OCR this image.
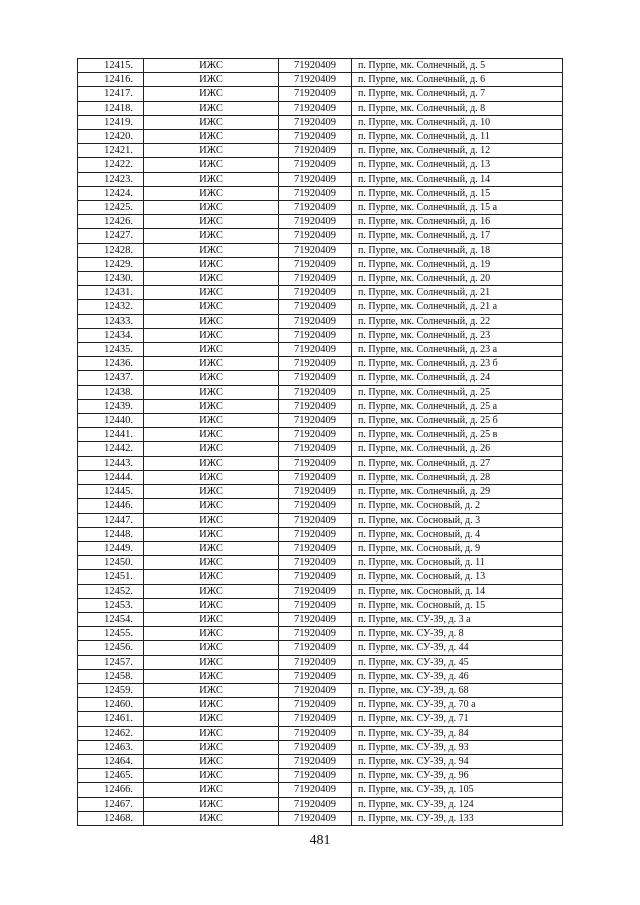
12415.	ИЖС	71920409	п. Пурпе, мк. Солнечный, д. 5
12416.	ИЖС	71920409	п. Пурпе, мк. Солнечный, д. 6
12417.	ИЖС	71920409	п. Пурпе, мк. Солнечный, д. 7
12418.	ИЖС	71920409	п. Пурпе, мк. Солнечный, д. 8
12419.	ИЖС	71920409	п. Пурпе, мк. Солнечный, д. 10
12420.	ИЖС	71920409	п. Пурпе, мк. Солнечный, д. 11
12421.	ИЖС	71920409	п. Пурпе, мк. Солнечный, д. 12
12422.	ИЖС	71920409	п. Пурпе, мк. Солнечный, д. 13
12423.	ИЖС	71920409	п. Пурпе, мк. Солнечный, д. 14
12424.	ИЖС	71920409	п. Пурпе, мк. Солнечный, д. 15
12425.	ИЖС	71920409	п. Пурпе, мк. Солнечный, д. 15 а
12426.	ИЖС	71920409	п. Пурпе, мк. Солнечный, д. 16
12427.	ИЖС	71920409	п. Пурпе, мк. Солнечный, д. 17
12428.	ИЖС	71920409	п. Пурпе, мк. Солнечный, д. 18
12429.	ИЖС	71920409	п. Пурпе, мк. Солнечный, д. 19
12430.	ИЖС	71920409	п. Пурпе, мк. Солнечный, д. 20
12431.	ИЖС	71920409	п. Пурпе, мк. Солнечный, д. 21
12432.	ИЖС	71920409	п. Пурпе, мк. Солнечный, д. 21 а
12433.	ИЖС	71920409	п. Пурпе, мк. Солнечный, д. 22
12434.	ИЖС	71920409	п. Пурпе, мк. Солнечный, д. 23
12435.	ИЖС	71920409	п. Пурпе, мк. Солнечный, д. 23 а
12436.	ИЖС	71920409	п. Пурпе, мк. Солнечный, д. 23 б
12437.	ИЖС	71920409	п. Пурпе, мк. Солнечный, д. 24
12438.	ИЖС	71920409	п. Пурпе, мк. Солнечный, д. 25
12439.	ИЖС	71920409	п. Пурпе, мк. Солнечный, д. 25 а
12440.	ИЖС	71920409	п. Пурпе, мк. Солнечный, д. 25 б
12441.	ИЖС	71920409	п. Пурпе, мк. Солнечный, д. 25 в
12442.	ИЖС	71920409	п. Пурпе, мк. Солнечный, д. 26
12443.	ИЖС	71920409	п. Пурпе, мк. Солнечный, д. 27
12444.	ИЖС	71920409	п. Пурпе, мк. Солнечный, д. 28
12445.	ИЖС	71920409	п. Пурпе, мк. Солнечный, д. 29
12446.	ИЖС	71920409	п. Пурпе, мк. Сосновый, д. 2
12447.	ИЖС	71920409	п. Пурпе, мк. Сосновый, д. 3
12448.	ИЖС	71920409	п. Пурпе, мк. Сосновый, д. 4
12449.	ИЖС	71920409	п. Пурпе, мк. Сосновый, д. 9
12450.	ИЖС	71920409	п. Пурпе, мк. Сосновый, д. 11
12451.	ИЖС	71920409	п. Пурпе, мк. Сосновый, д. 13
12452.	ИЖС	71920409	п. Пурпе, мк. Сосновый, д. 14
12453.	ИЖС	71920409	п. Пурпе, мк. Сосновый, д. 15
12454.	ИЖС	71920409	п. Пурпе, мк. СУ-39, д. 3 а
12455.	ИЖС	71920409	п. Пурпе, мк. СУ-39, д. 8
12456.	ИЖС	71920409	п. Пурпе, мк. СУ-39, д. 44
12457.	ИЖС	71920409	п. Пурпе, мк. СУ-39, д. 45
12458.	ИЖС	71920409	п. Пурпе, мк. СУ-39, д. 46
12459.	ИЖС	71920409	п. Пурпе, мк. СУ-39, д. 68
12460.	ИЖС	71920409	п. Пурпе, мк. СУ-39, д. 70 а
12461.	ИЖС	71920409	п. Пурпе, мк. СУ-39, д. 71
12462.	ИЖС	71920409	п. Пурпе, мк. СУ-39, д. 84
12463.	ИЖС	71920409	п. Пурпе, мк. СУ-39, д. 93
12464.	ИЖС	71920409	п. Пурпе, мк. СУ-39, д. 94
12465.	ИЖС	71920409	п. Пурпе, мк. СУ-39, д. 96
12466.	ИЖС	71920409	п. Пурпе, мк. СУ-39, д. 105
12467.	ИЖС	71920409	п. Пурпе, мк. СУ-39, д. 124
12468.	ИЖС	71920409	п. Пурпе, мк. СУ-39, д. 133
481
